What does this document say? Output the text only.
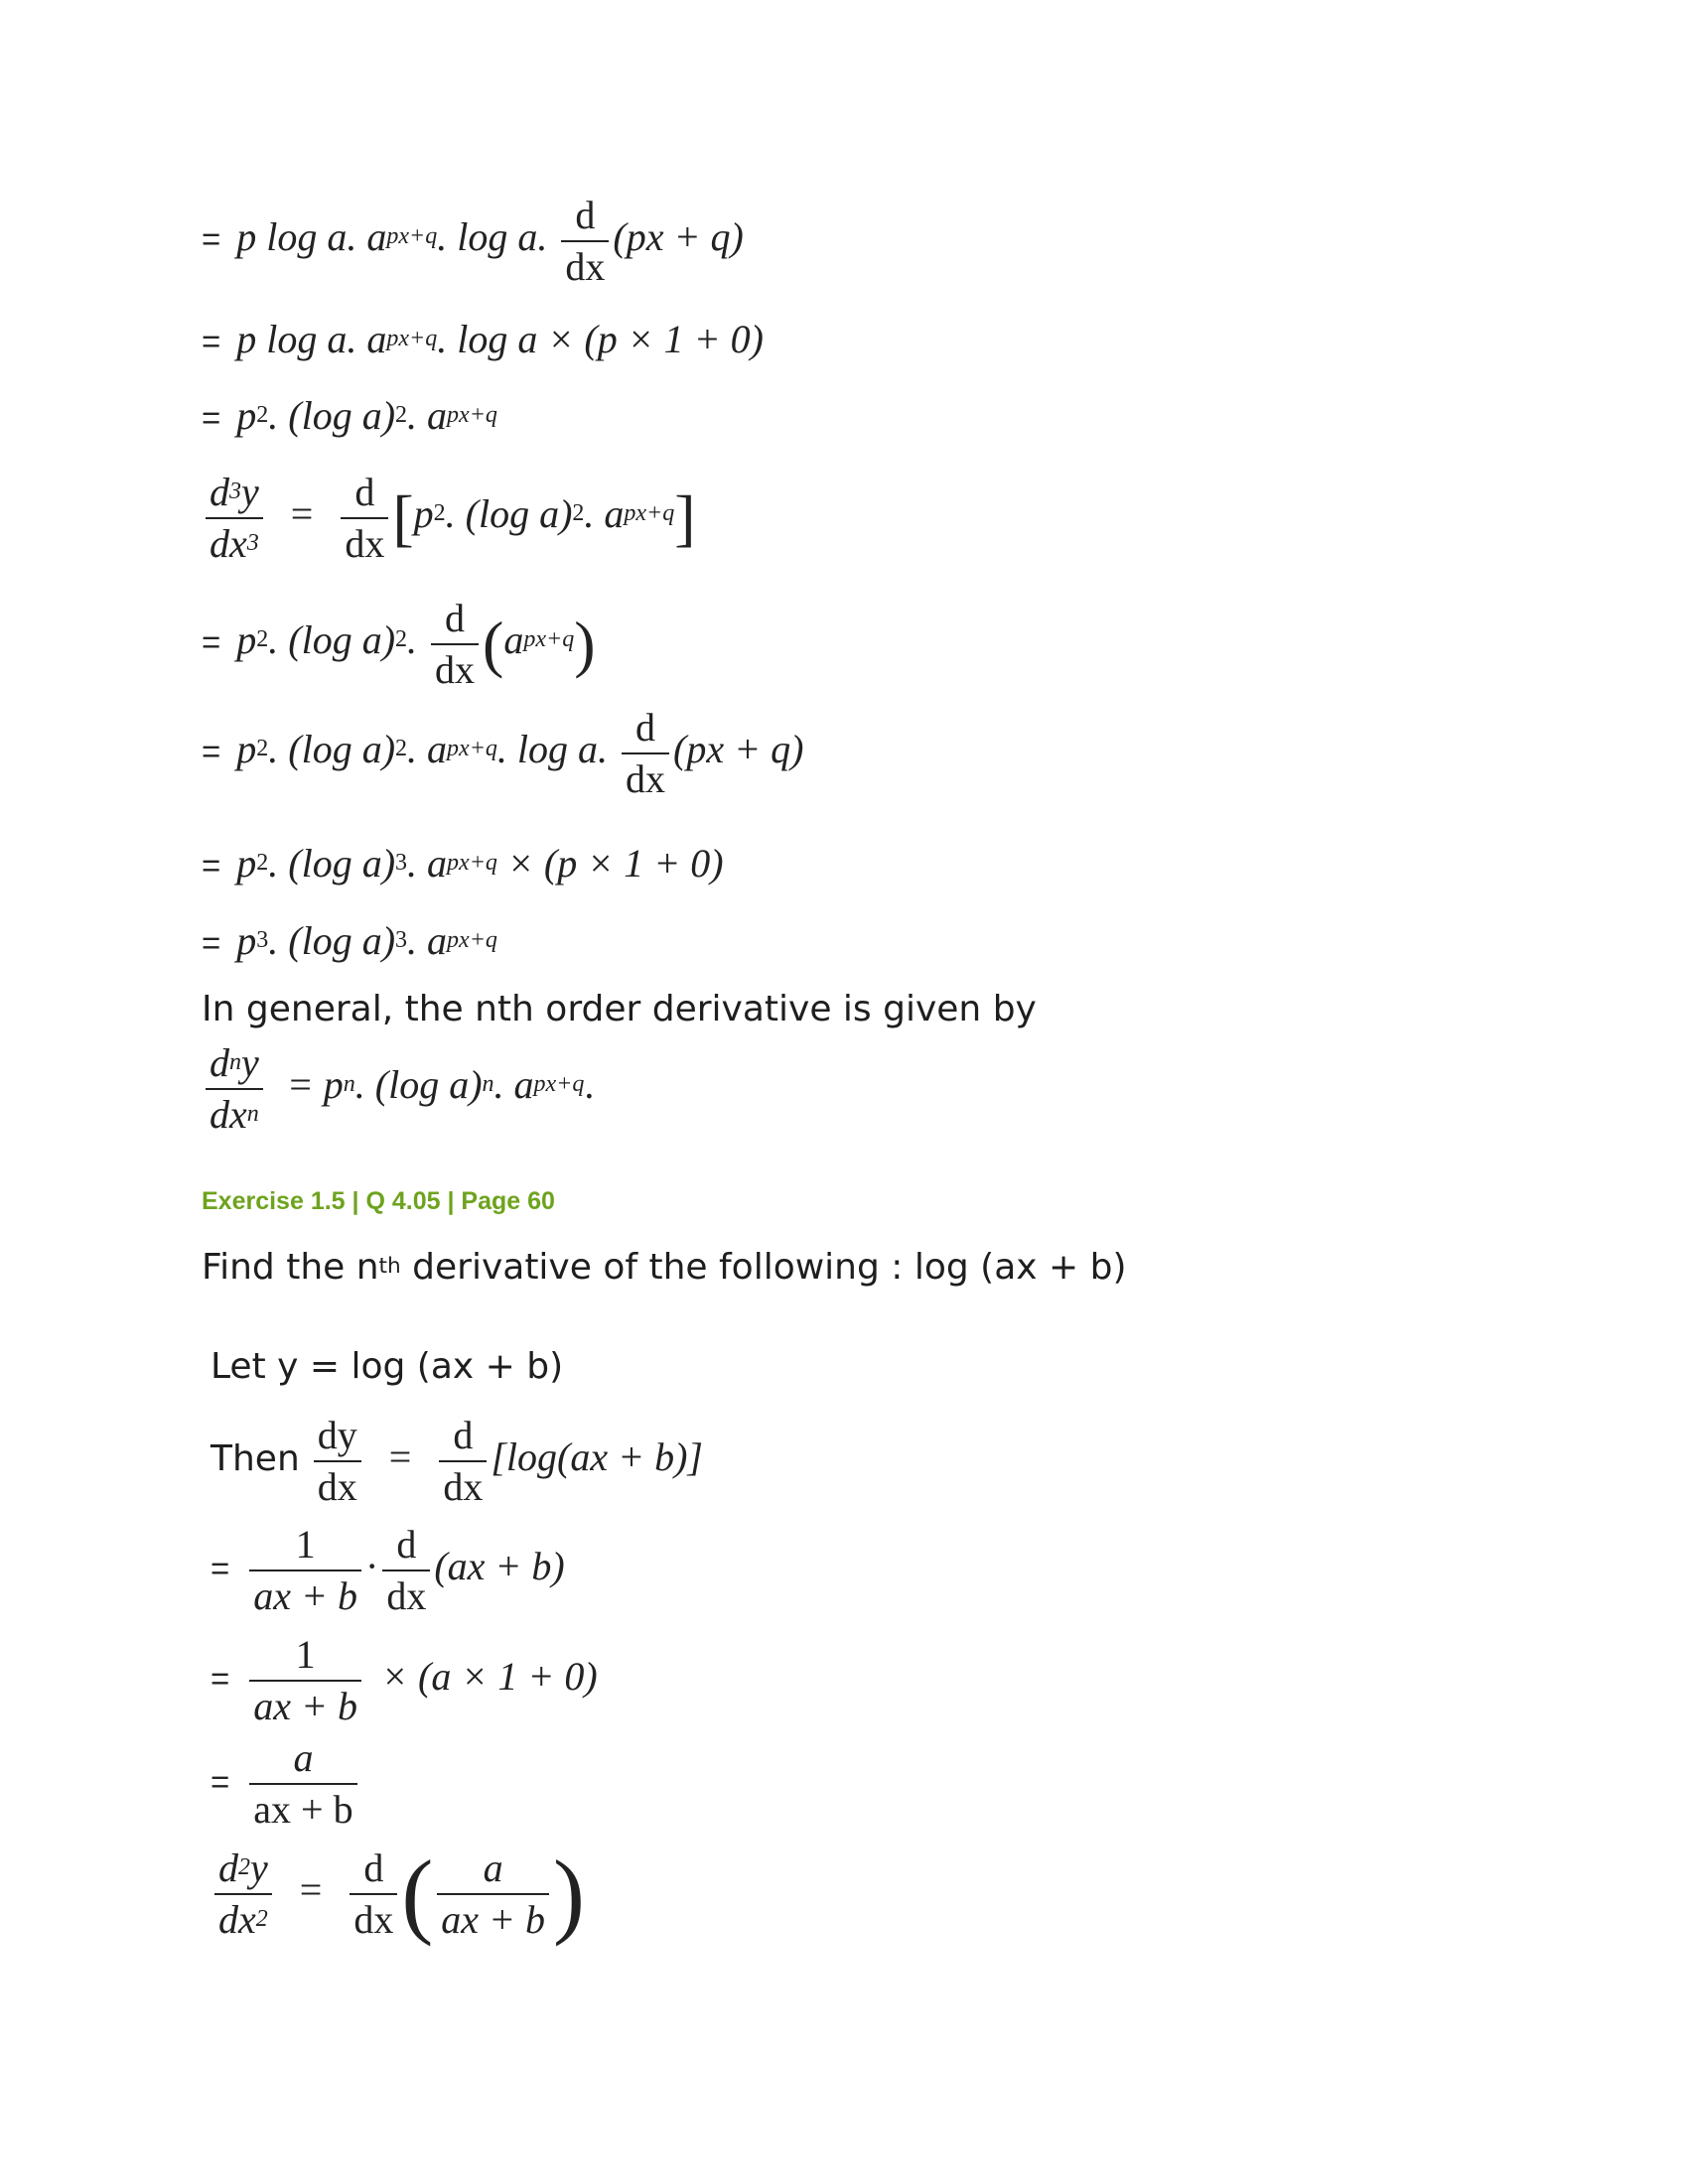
= p log a. $a^{px+q}$. log a. $\frac{d}{dx} (px + q)$
= p log a. $a^{px+q}$. log a × (p × 1 + 0)
= $p^2$. (log a)$^2$. $a^{px+q}$
$\frac{d^3y}{dx^3} = \frac{d}{dx} [p^2$. (log a)$^2$. $a^{px+q}$]
= $p^2$. (log a)$^2$. $\frac{d}{dx} (a^{px+q})$
= $p^2$. (log a)$^2$. $a^{px+q}$. log a. $\frac{d}{dx} (px + q)$
= $p^2$. (log a)$^3$. $a^{px+q} \times (p \times 1 + 0)$
= $p^3$. (log a)$^3$. $a^{px+q}$
In general, the nth order derivative is given by
$\frac{d^ny}{dx^n} = p^n$. (log a)$^n$. $a^{px+q}$.
Exercise 1.5 | Q 4.05 | Page 60
Find the $n^{th}$ derivative of the following : log (ax + b)
Let y = log (ax + b)
Then $\frac{dy}{dx} = \frac{d}{dx} [\log(ax + b)]$
= $\frac{1}{ax + b} \cdot \frac{d}{dx} (ax + b)$
= $\frac{1}{ax + b} \times (a \times 1 + 0)$
= $\frac{a}{ax + b}$
$\frac{d^2y}{dx^2} = \frac{d}{dx}$ ( $\frac{a}{ax + b}$ )
